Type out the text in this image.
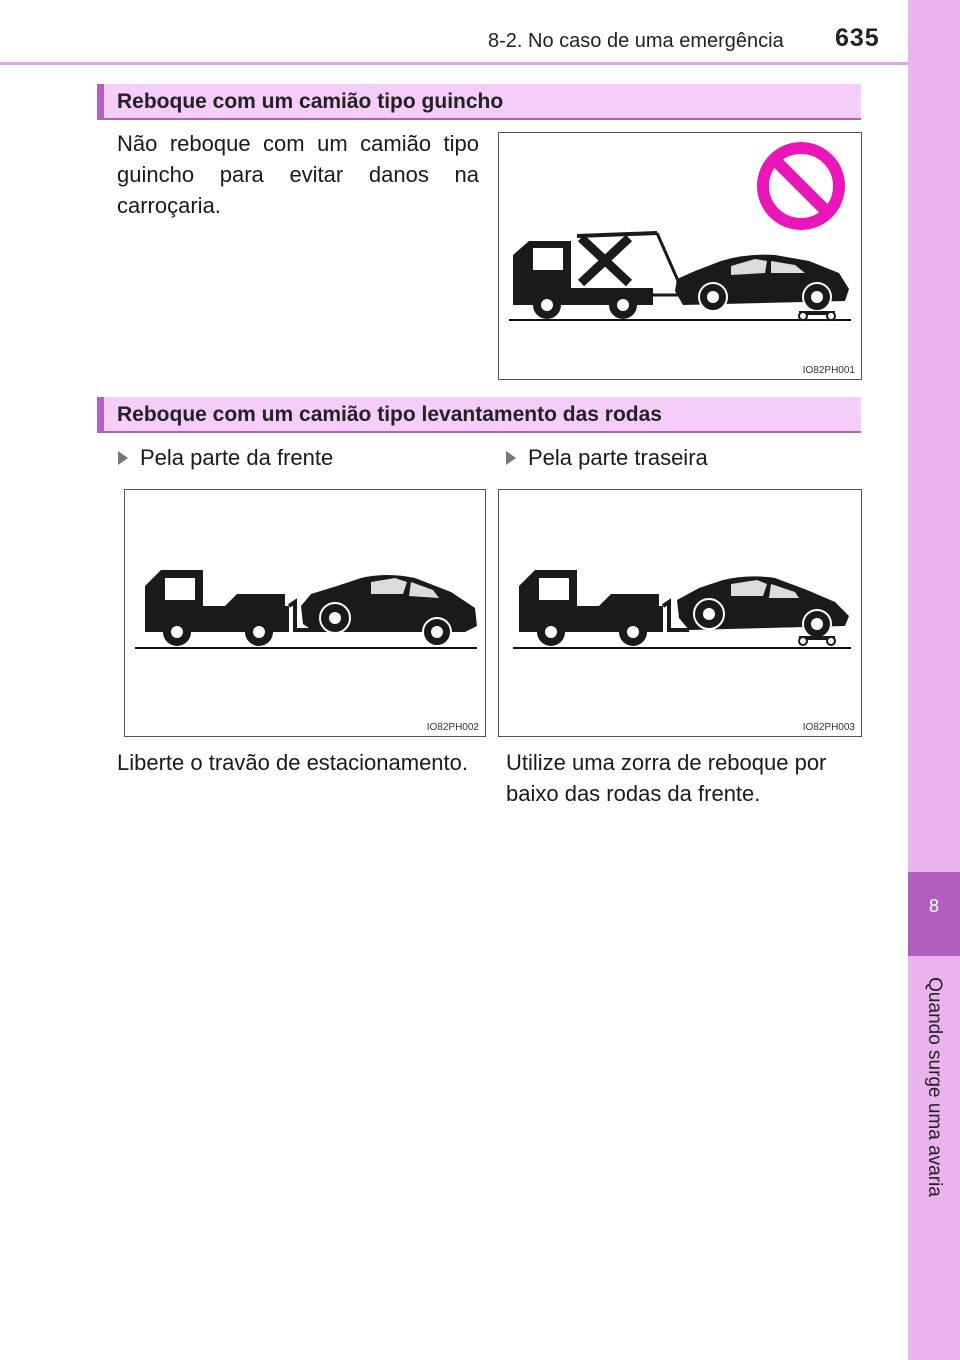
8-2. No caso de uma emergência 635
8
Quando surge uma avaria
Reboque com um camião tipo guincho
Não reboque com um camião tipo guincho para evitar danos na carroçaria.
IO82PH001
Reboque com um camião tipo levantamento das rodas
Pela parte da frente	Pela parte traseira
IO82PH002	IO82PH003
Liberte o travão de estacionamento.	Utilize uma zorra de reboque por baixo das rodas da frente.
